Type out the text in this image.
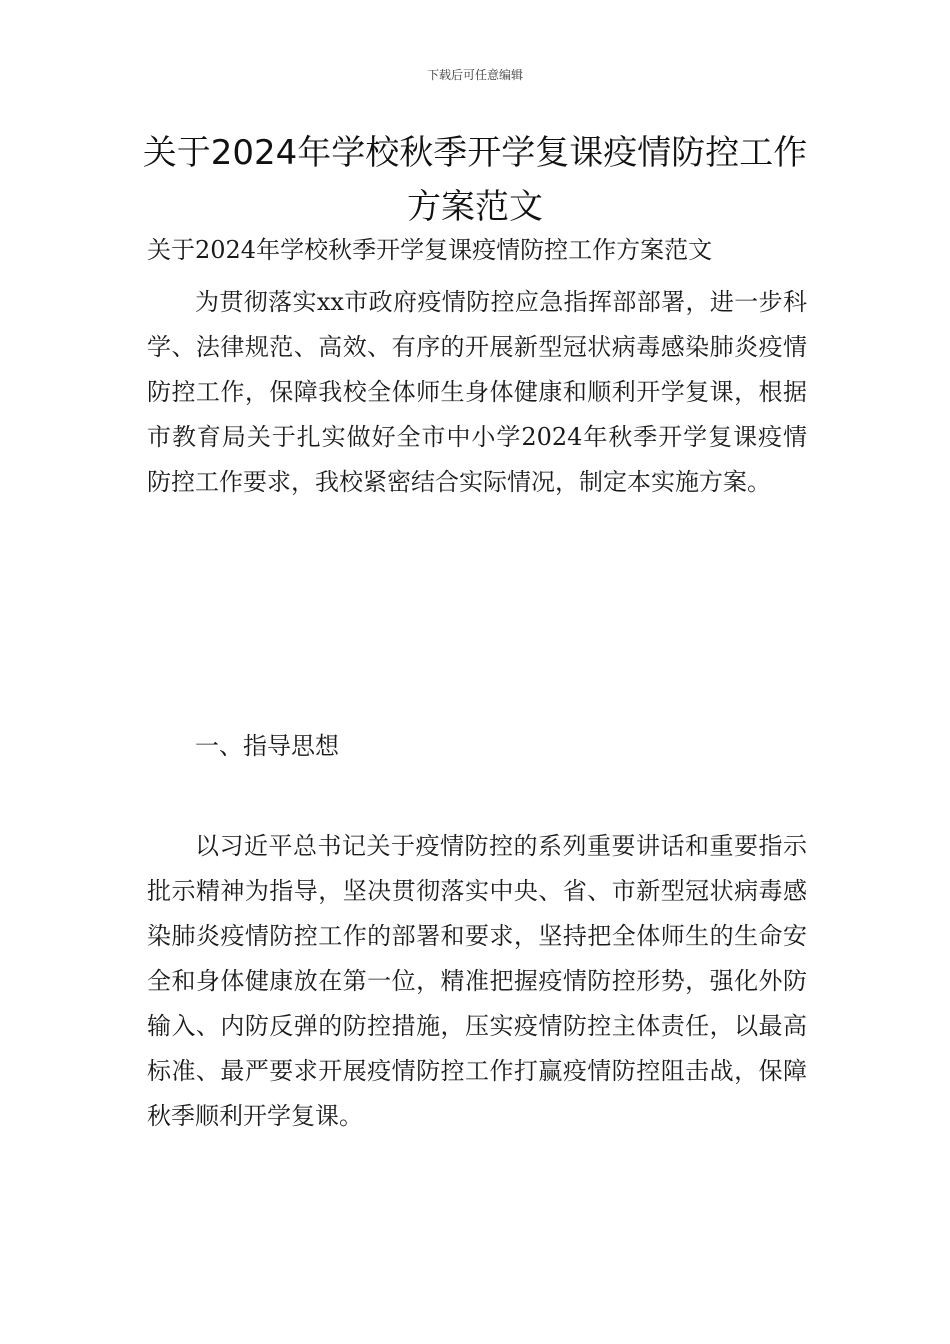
下载后可任意编辑
关于2024年学校秋季开学复课疫情防控工作方案范文
关于2024年学校秋季开学复课疫情防控工作方案范文
为贯彻落实xx市政府疫情防控应急指挥部部署，进一步科学、法律规范、高效、有序的开展新型冠状病毒感染肺炎疫情防控工作，保障我校全体师生身体健康和顺利开学复课，根据市教育局关于扎实做好全市中小学2024年秋季开学复课疫情防控工作要求，我校紧密结合实际情况，制定本实施方案。
一、指导思想
以习近平总书记关于疫情防控的系列重要讲话和重要指示批示精神为指导，坚决贯彻落实中央、省、市新型冠状病毒感染肺炎疫情防控工作的部署和要求，坚持把全体师生的生命安全和身体健康放在第一位，精准把握疫情防控形势，强化外防输入、内防反弹的防控措施，压实疫情防控主体责任，以最高标准、最严要求开展疫情防控工作打赢疫情防控阻击战，保障秋季顺利开学复课。
